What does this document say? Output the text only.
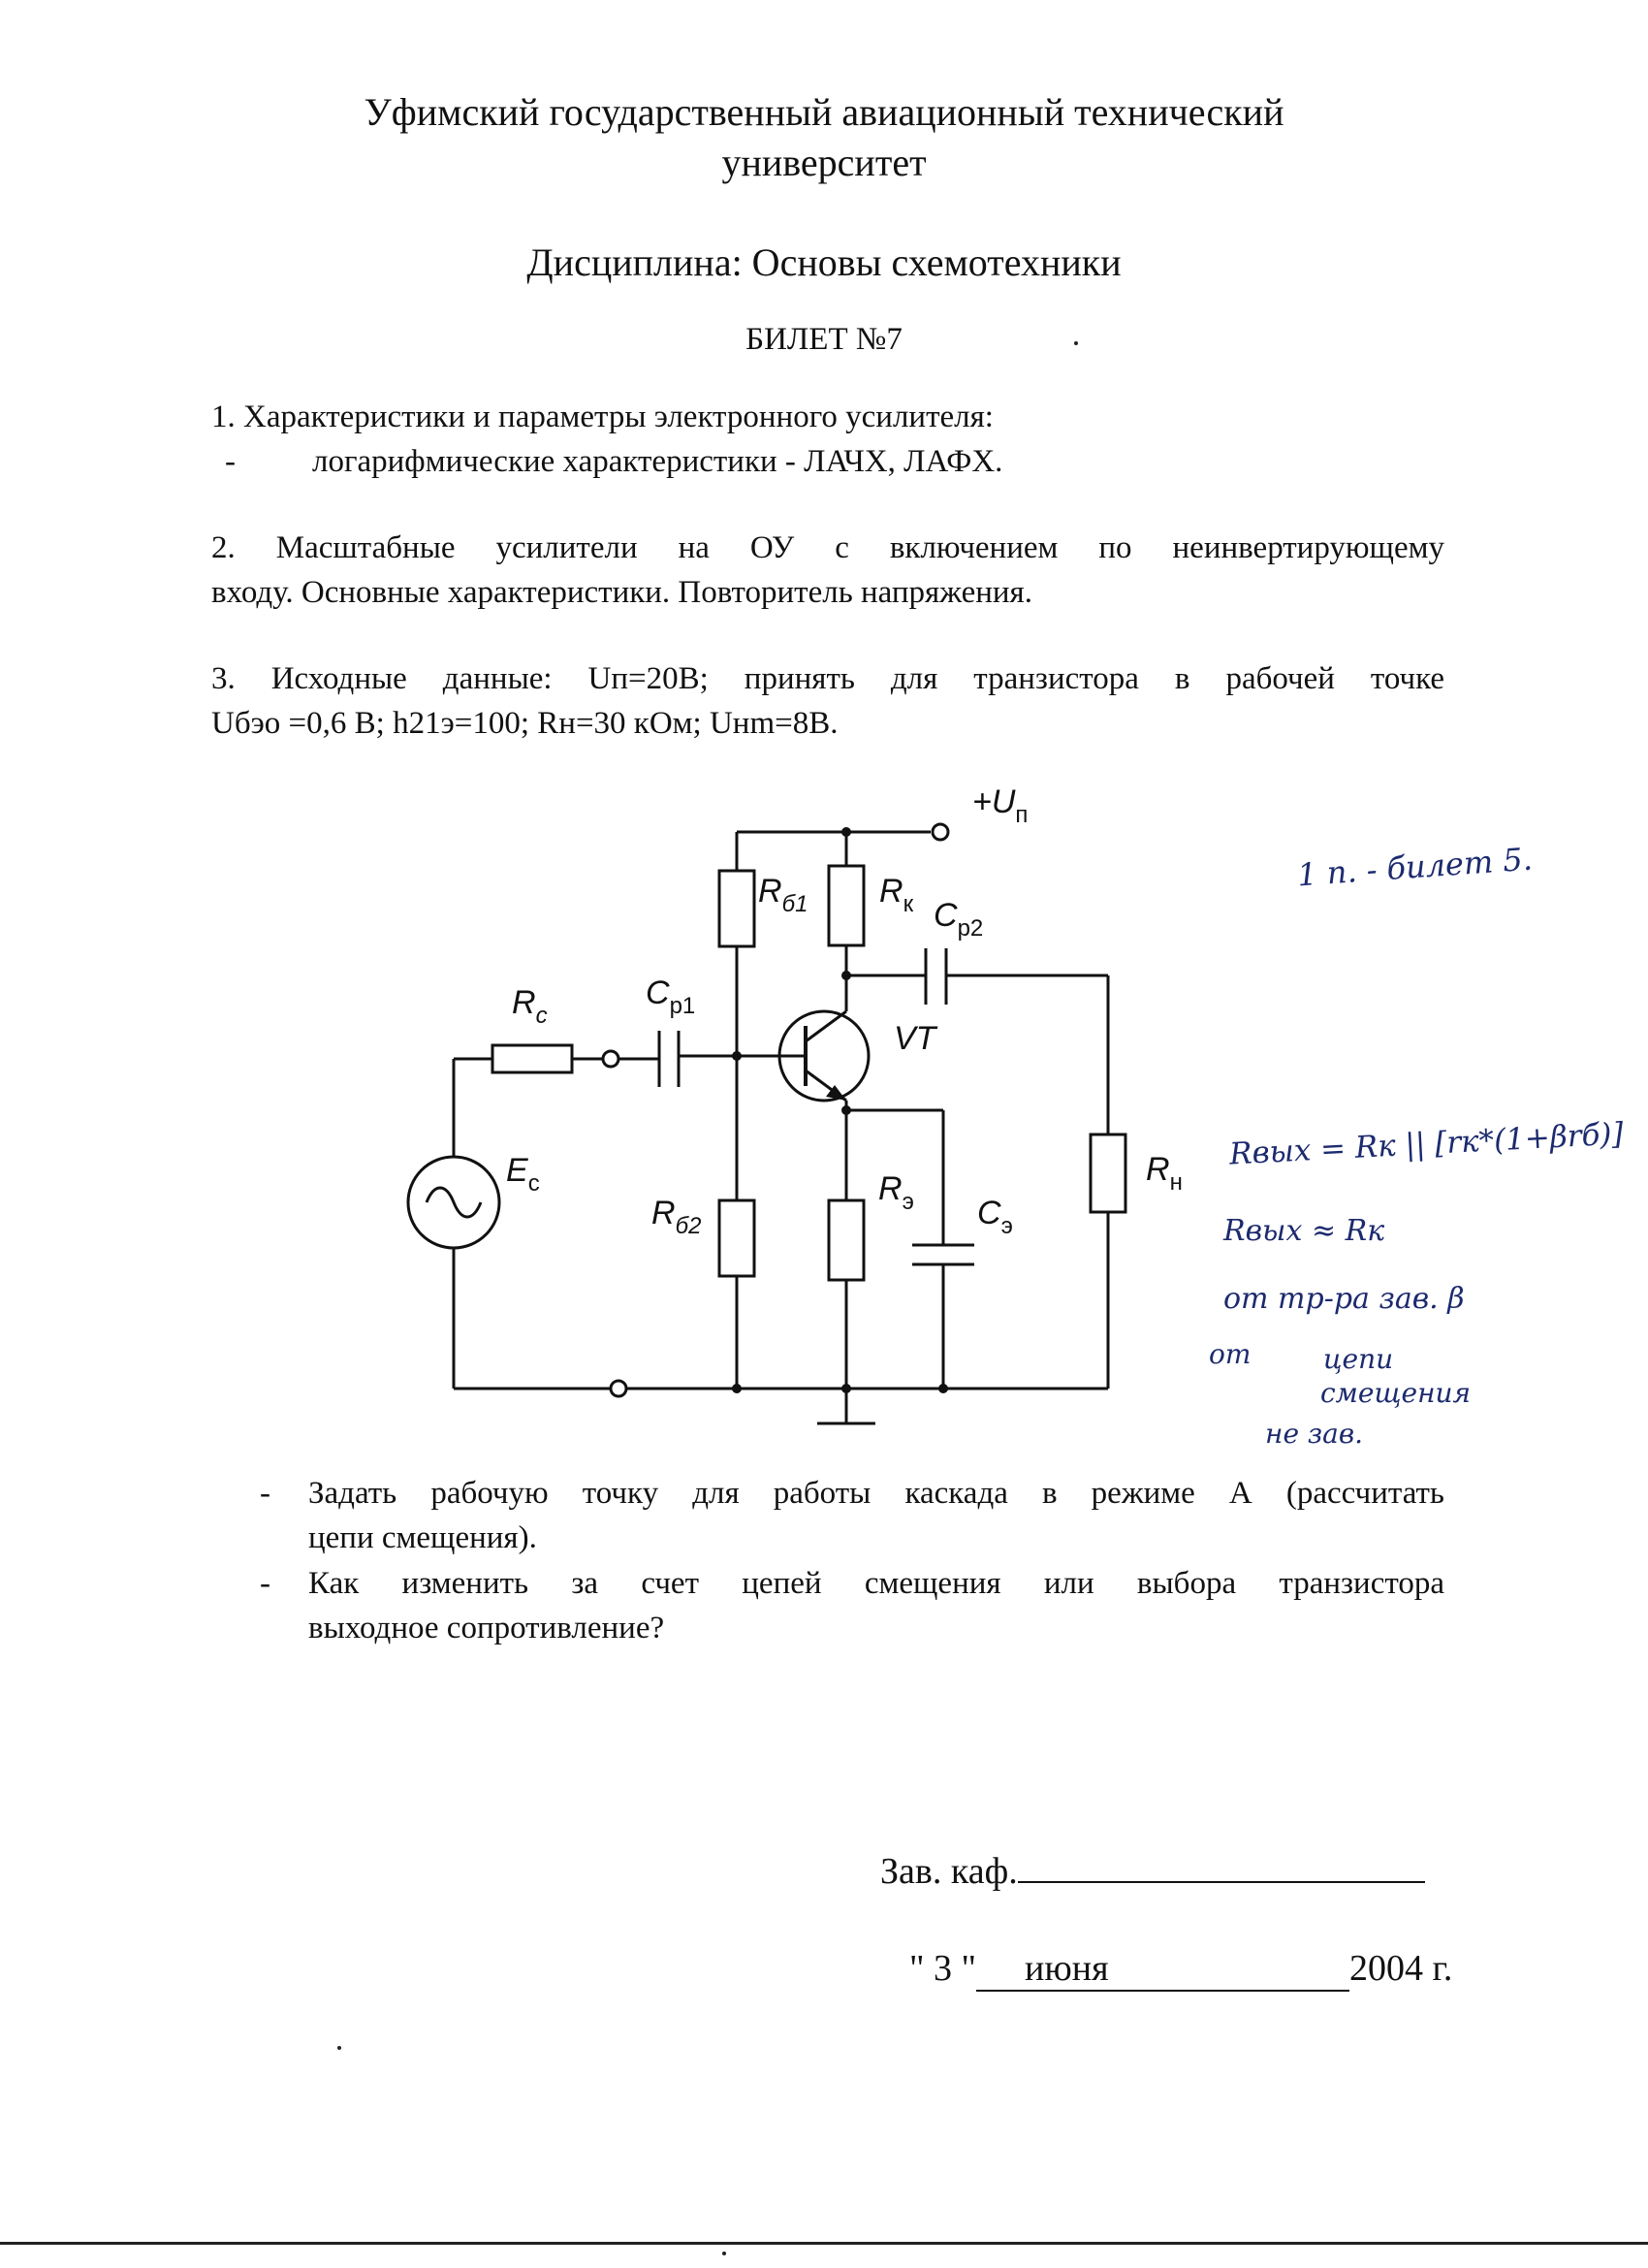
Уфимский государственный авиационный технический
университет
Дисциплина: Основы схемотехники
БИЛЕТ №7
1. Характеристики и параметры электронного усилителя:
- логарифмические характеристики - ЛАЧХ, ЛАФХ.
2. Масштабные усилители на ОУ с включением по неинвертирующему
входу. Основные характеристики. Повторитель напряжения.
3. Исходные данные: Uп=20В; принять для транзистора в рабочей точке
Uбэо =0,6 В; h21э=100; Rн=30 кОм; Uнm=8В.
$+U_п$
$R_{б1}$ $R_к$ $C_{р2}$
$R_с$
$C_{р1}$
VT
$E_с$
$R_{б2}$
$R_э$ $C_э$
$R_н$
1 п. - билет 5.
Rвых = Rк || [rк*(1+βrб)]
Rвых ≈ Rк
от тр-ра зав. β
от	цепи
смещения
не зав.
- Задать рабочую точку для работы каскада в режиме А (рассчитать
цепи смещения).
- Как изменить за счет цепей смещения или выбора транзистора
выходное сопротивление?
Зав. каф.
" 3 " июня	2004 г.
